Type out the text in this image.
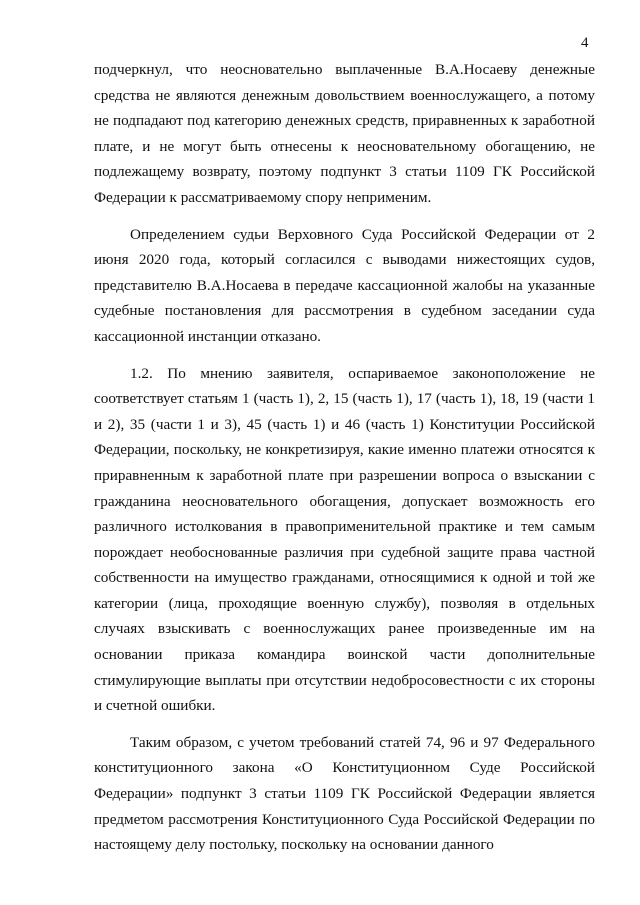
4

подчеркнул, что неосновательно выплаченные В.А.Носаеву денежные средства не являются денежным довольствием военнослужащего, а потому не подпадают под категорию денежных средств, приравненных к заработной плате, и не могут быть отнесены к неосновательному обогащению, не подлежащему возврату, поэтому подпункт 3 статьи 1109 ГК Российской Федерации к рассматриваемому спору неприменим.

Определением судьи Верховного Суда Российской Федерации от 2 июня 2020 года, который согласился с выводами нижестоящих судов, представителю В.А.Носаева в передаче кассационной жалобы на указанные судебные постановления для рассмотрения в судебном заседании суда кассационной инстанции отказано.

1.2. По мнению заявителя, оспариваемое законоположение не соответствует статьям 1 (часть 1), 2, 15 (часть 1), 17 (часть 1), 18, 19 (части 1 и 2), 35 (части 1 и 3), 45 (часть 1) и 46 (часть 1) Конституции Российской Федерации, поскольку, не конкретизируя, какие именно платежи относятся к приравненным к заработной плате при разрешении вопроса о взыскании с гражданина неосновательного обогащения, допускает возможность его различного истолкования в правоприменительной практике и тем самым порождает необоснованные различия при судебной защите права частной собственности на имущество гражданами, относящимися к одной и той же категории (лица, проходящие военную службу), позволяя в отдельных случаях взыскивать с военнослужащих ранее произведенные им на основании приказа командира воинской части дополнительные стимулирующие выплаты при отсутствии недобросовестности с их стороны и счетной ошибки.

Таким образом, с учетом требований статей 74, 96 и 97 Федерального конституционного закона «О Конституционном Суде Российской Федерации» подпункт 3 статьи 1109 ГК Российской Федерации является предметом рассмотрения Конституционного Суда Российской Федерации по настоящему делу постольку, поскольку на основании данного
